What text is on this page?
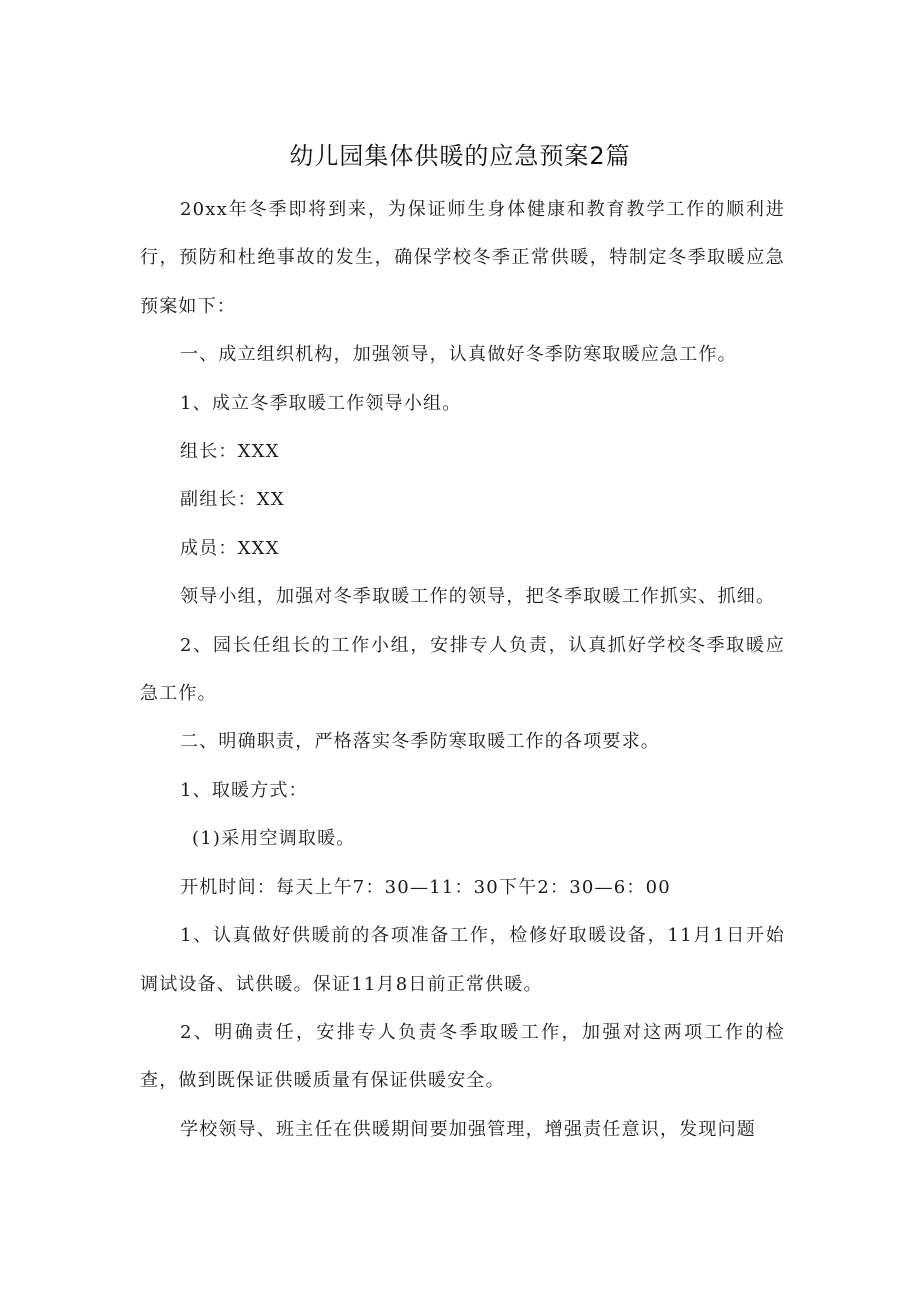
幼儿园集体供暖的应急预案2篇

20xx年冬季即将到来，为保证师生身体健康和教育教学工作的顺利进行，预防和杜绝事故的发生，确保学校冬季正常供暖，特制定冬季取暖应急预案如下：

一、成立组织机构，加强领导，认真做好冬季防寒取暖应急工作。

1、成立冬季取暖工作领导小组。

组长：XXX

副组长：XX

成员：XXX

领导小组，加强对冬季取暖工作的领导，把冬季取暖工作抓实、抓细。

2、园长任组长的工作小组，安排专人负责，认真抓好学校冬季取暖应急工作。

二、明确职责，严格落实冬季防寒取暖工作的各项要求。

1、取暖方式：

(1)采用空调取暖。

开机时间：每天上午7：30—11：30下午2：30—6：00

1、认真做好供暖前的各项准备工作，检修好取暖设备，11月1日开始调试设备、试供暖。保证11月8日前正常供暖。

2、明确责任，安排专人负责冬季取暖工作，加强对这两项工作的检查，做到既保证供暖质量有保证供暖安全。

学校领导、班主任在供暖期间要加强管理，增强责任意识，发现问题
